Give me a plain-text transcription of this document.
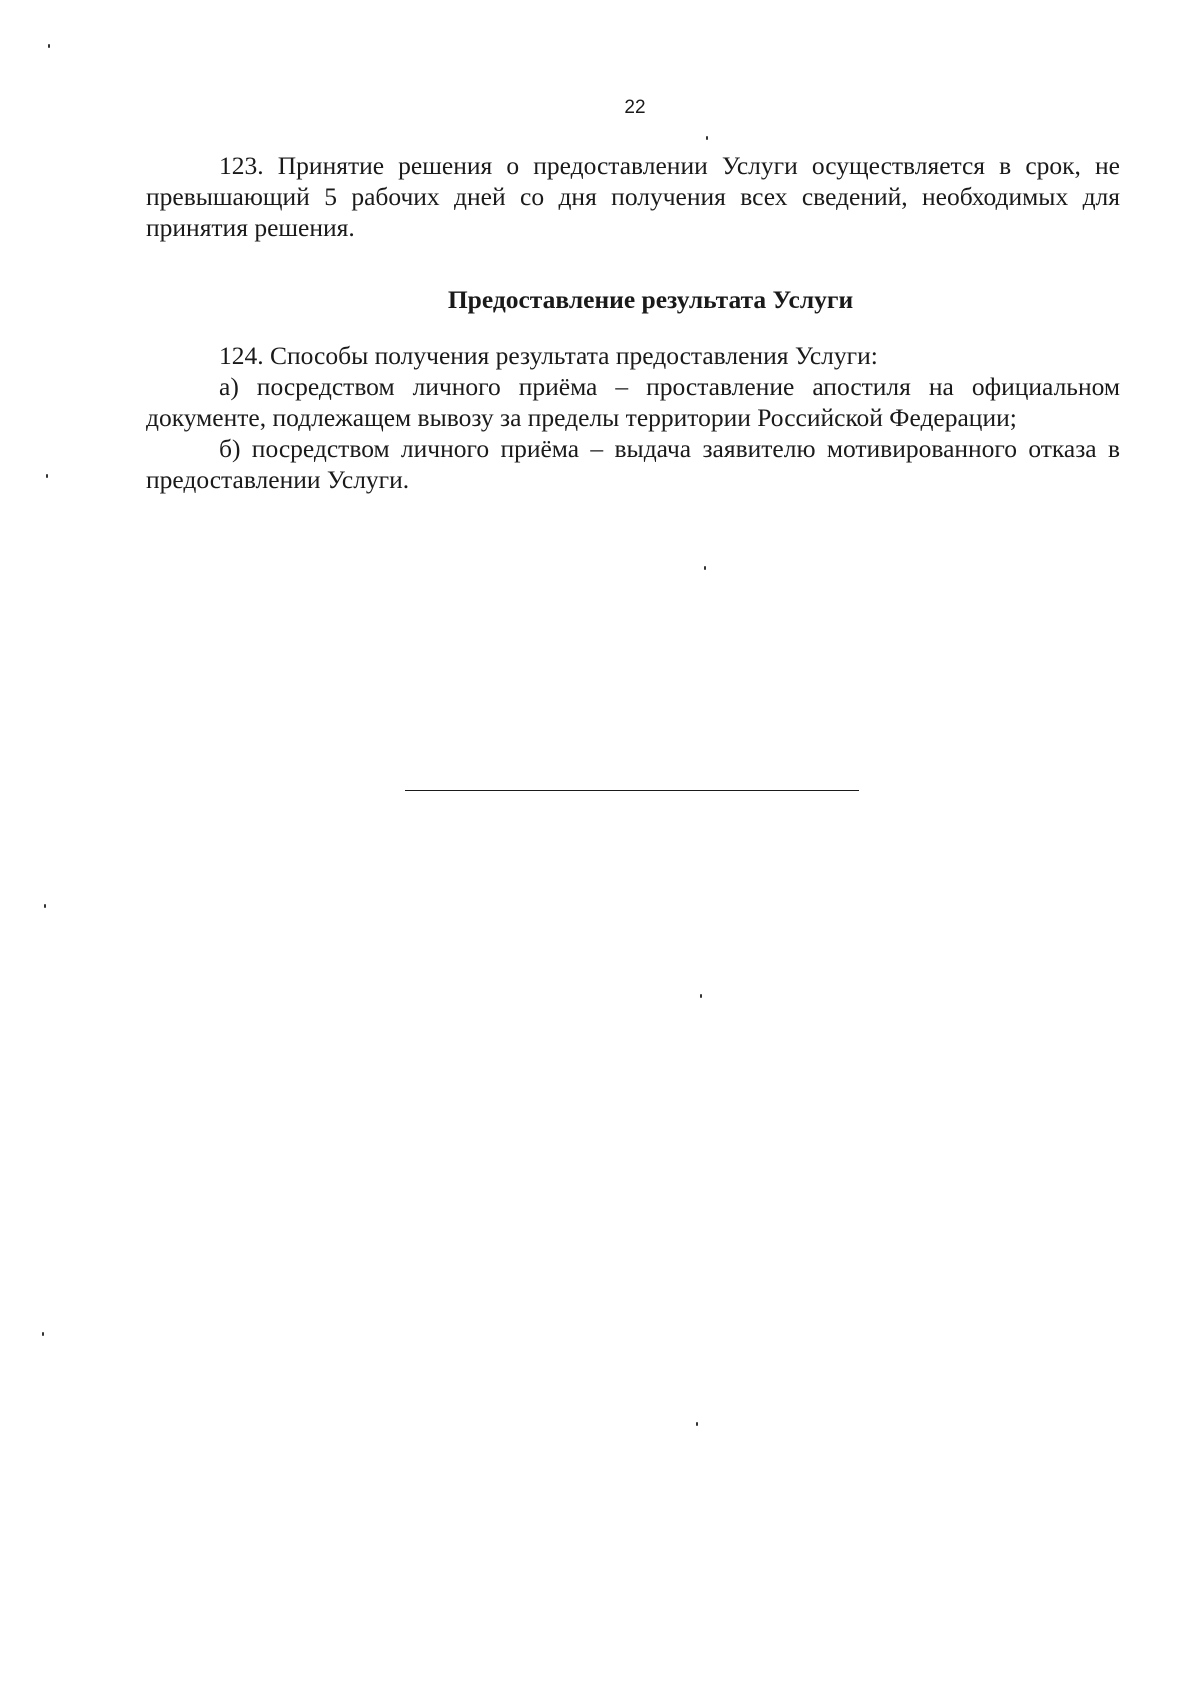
22

123. Принятие решения о предоставлении Услуги осуществляется в срок, не превышающий 5 рабочих дней со дня получения всех сведений, необходимых для принятия решения.

Предоставление результата Услуги

124. Способы получения результата предоставления Услуги:

а) посредством личного приёма – проставление апостиля на официальном документе, подлежащем вывозу за пределы территории Российской Федерации;

б) посредством личного приёма – выдача заявителю мотивированного отказа в предоставлении Услуги.
